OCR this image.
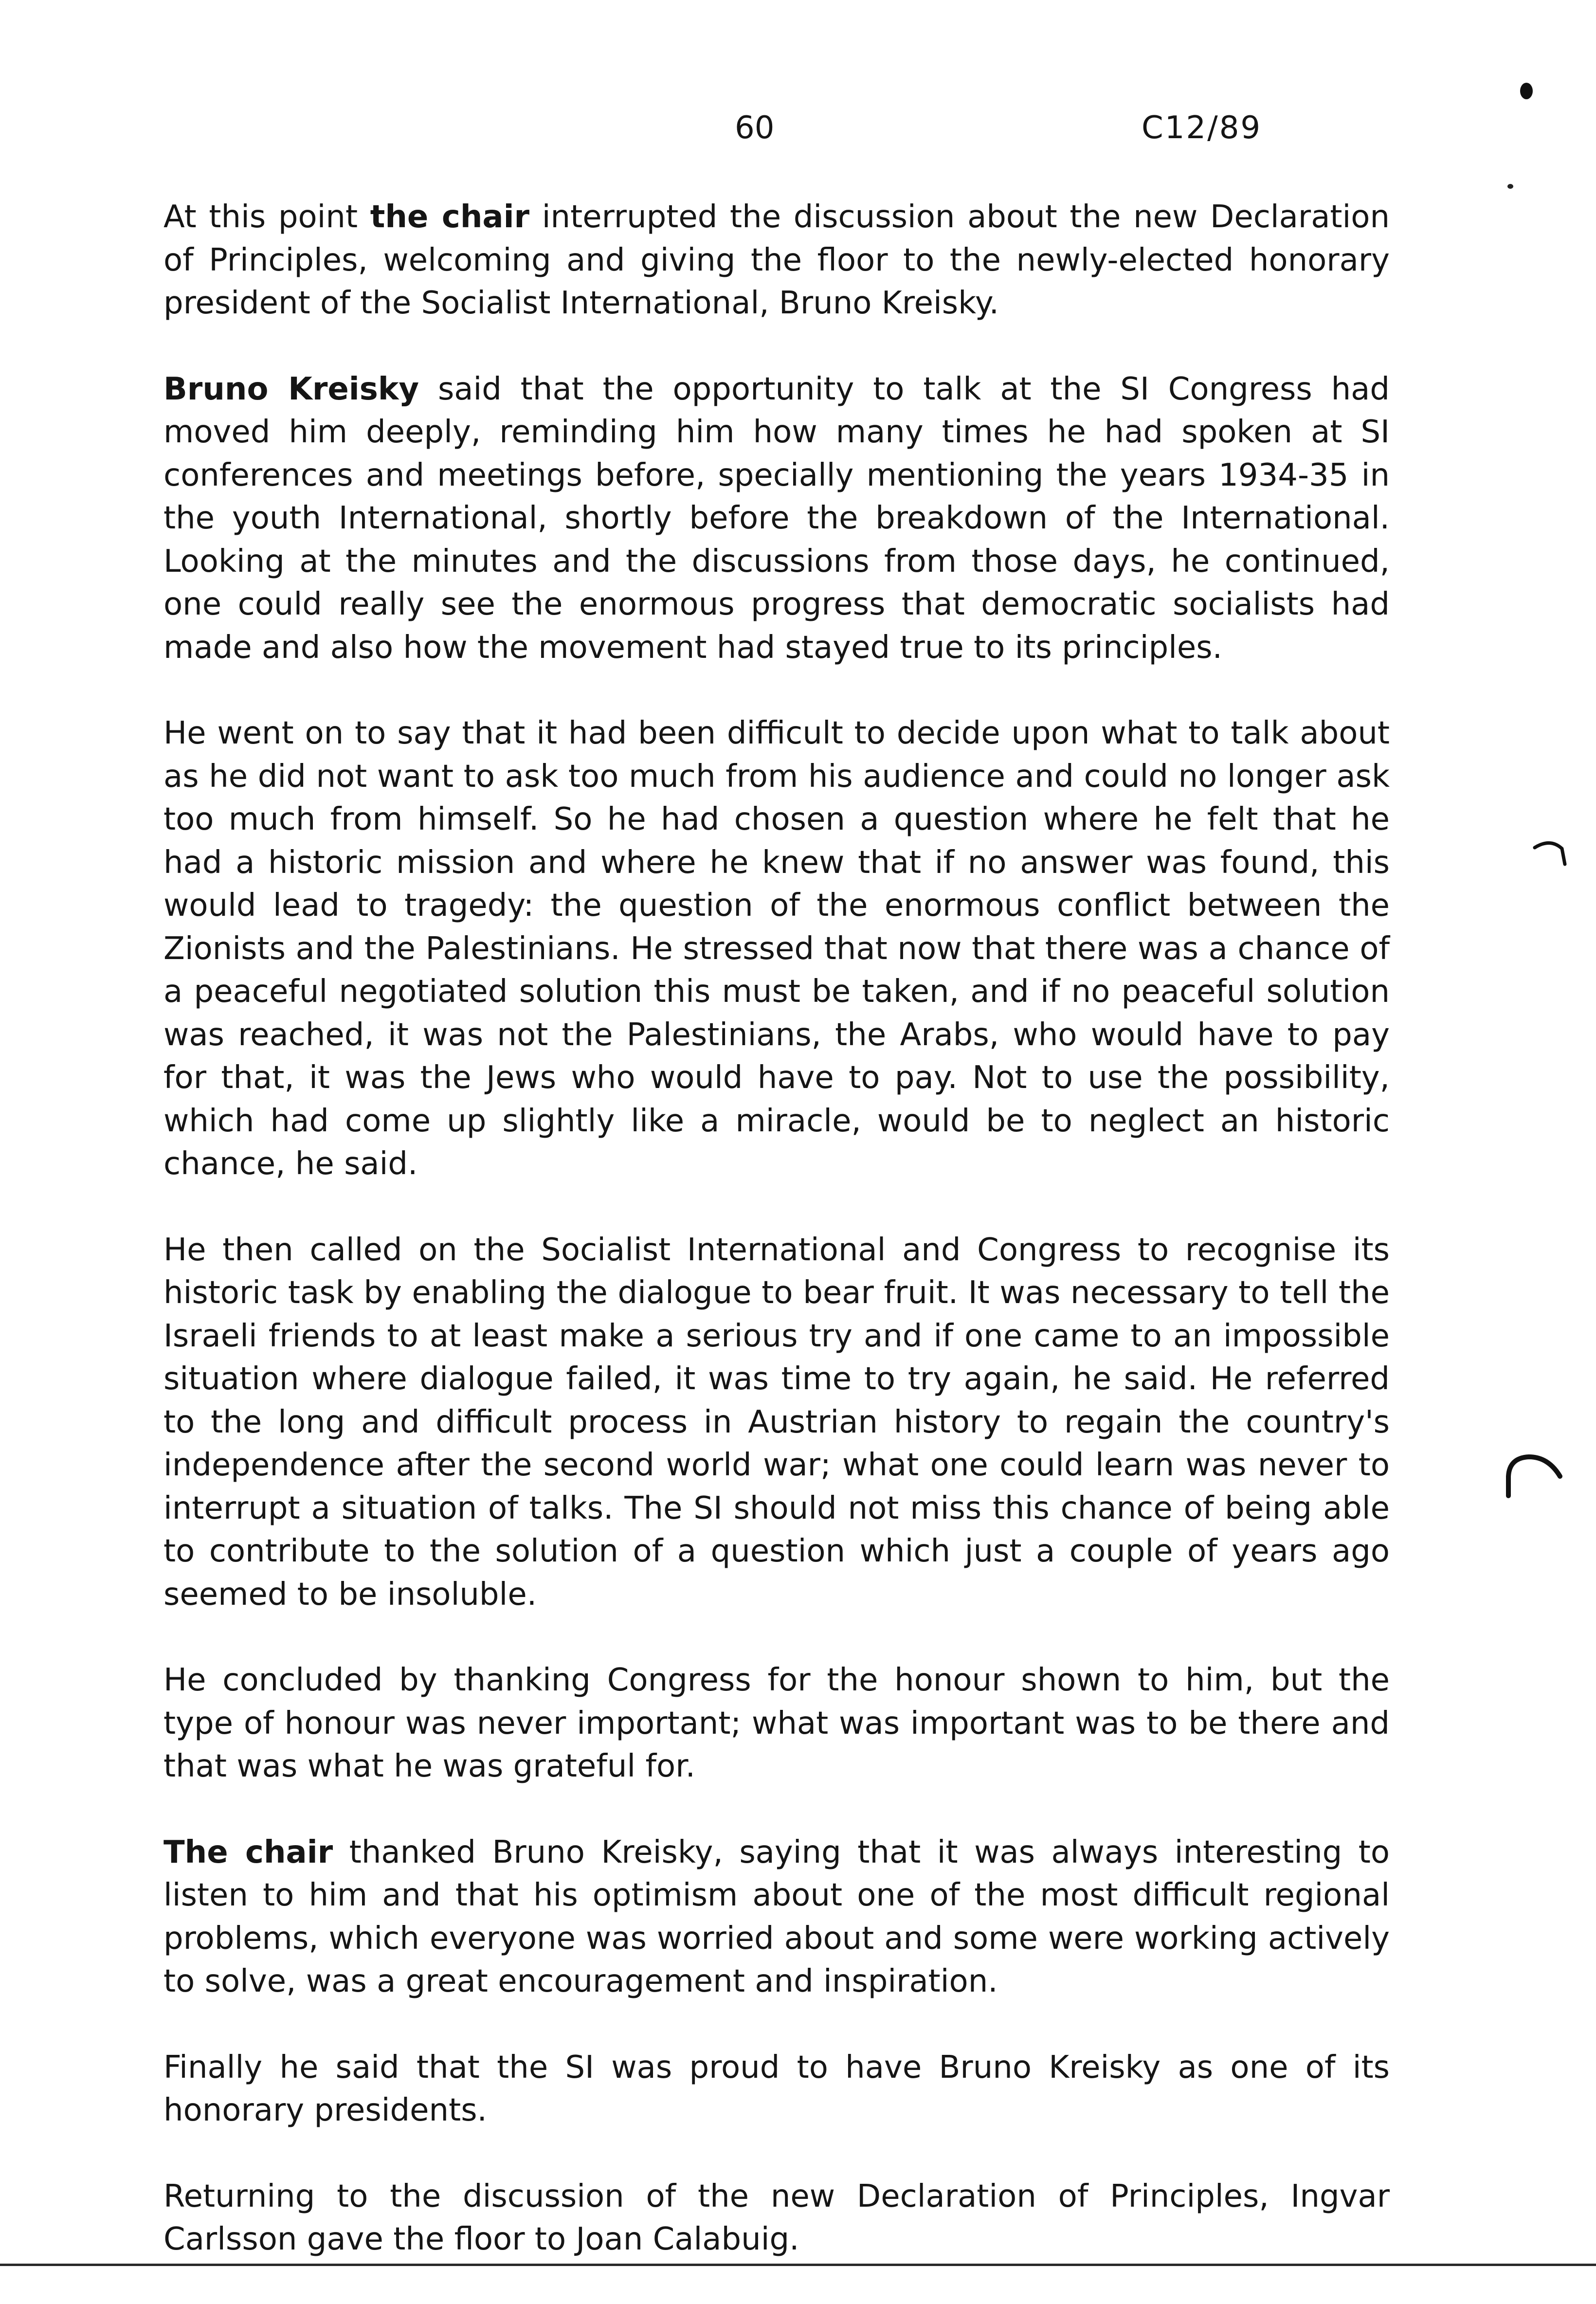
60	C12/89

At this point the chair interrupted the discussion about the new Declaration of Principles, welcoming and giving the floor to the newly-elected honorary president of the Socialist International, Bruno Kreisky.

Bruno Kreisky said that the opportunity to talk at the SI Congress had moved him deeply, reminding him how many times he had spoken at SI conferences and meetings before, specially mentioning the years 1934-35 in the youth International, shortly before the breakdown of the International. Looking at the minutes and the discussions from those days, he continued, one could really see the enormous progress that democratic socialists had made and also how the movement had stayed true to its principles.

He went on to say that it had been difficult to decide upon what to talk about as he did not want to ask too much from his audience and could no longer ask too much from himself. So he had chosen a question where he felt that he had a historic mission and where he knew that if no answer was found, this would lead to tragedy: the question of the enormous conflict between the Zionists and the Palestinians. He stressed that now that there was a chance of a peaceful negotiated solution this must be taken, and if no peaceful solution was reached, it was not the Palestinians, the Arabs, who would have to pay for that, it was the Jews who would have to pay. Not to use the possibility, which had come up slightly like a miracle, would be to neglect an historic chance, he said.

He then called on the Socialist International and Congress to recognise its historic task by enabling the dialogue to bear fruit. It was necessary to tell the Israeli friends to at least make a serious try and if one came to an impossible situation where dialogue failed, it was time to try again, he said. He referred to the long and difficult process in Austrian history to regain the country's independence after the second world war; what one could learn was never to interrupt a situation of talks. The SI should not miss this chance of being able to contribute to the solution of a question which just a couple of years ago seemed to be insoluble.

He concluded by thanking Congress for the honour shown to him, but the type of honour was never important; what was important was to be there and that was what he was grateful for.

The chair thanked Bruno Kreisky, saying that it was always interesting to listen to him and that his optimism about one of the most difficult regional problems, which everyone was worried about and some were working actively to solve, was a great encouragement and inspiration.

Finally he said that the SI was proud to have Bruno Kreisky as one of its honorary presidents.

Returning to the discussion of the new Declaration of Principles, Ingvar Carlsson gave the floor to Joan Calabuig.
